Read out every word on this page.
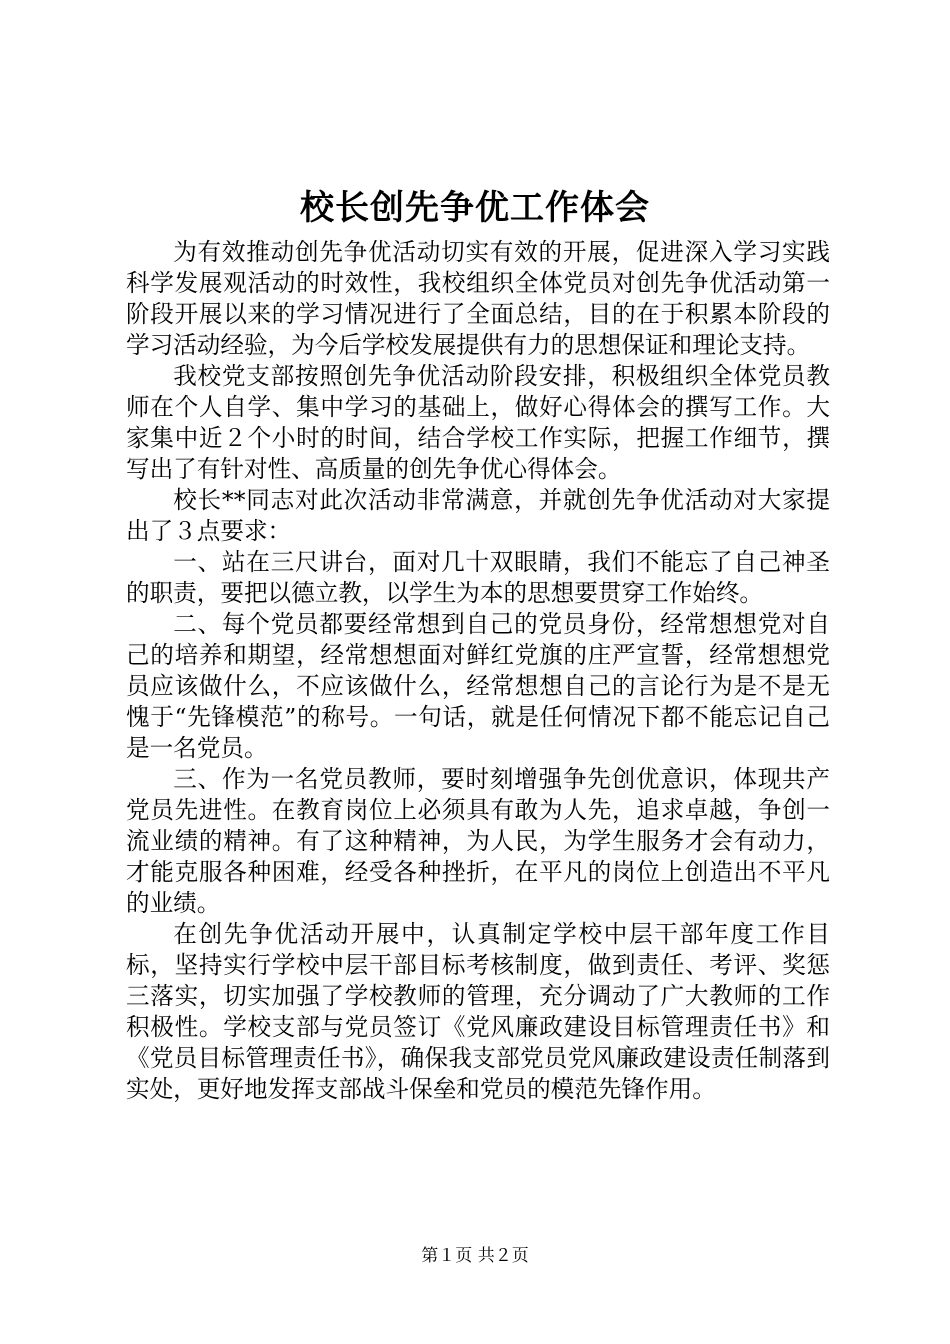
校长创先争优工作体会

为有效推动创先争优活动切实有效的开展，促进深入学习实践科学发展观活动的时效性，我校组织全体党员对创先争优活动第一阶段开展以来的学习情况进行了全面总结，目的在于积累本阶段的学习活动经验，为今后学校发展提供有力的思想保证和理论支持。

我校党支部按照创先争优活动阶段安排，积极组织全体党员教师在个人自学、集中学习的基础上，做好心得体会的撰写工作。大家集中近２个小时的时间，结合学校工作实际，把握工作细节，撰写出了有针对性、高质量的创先争优心得体会。

校长**同志对此次活动非常满意，并就创先争优活动对大家提出了３点要求：

一、站在三尺讲台，面对几十双眼睛，我们不能忘了自己神圣的职责，要把以德立教，以学生为本的思想要贯穿工作始终。

二、每个党员都要经常想到自己的党员身份，经常想想党对自己的培养和期望，经常想想面对鲜红党旗的庄严宣誓，经常想想党员应该做什么，不应该做什么，经常想想自己的言论行为是不是无愧于“先锋模范”的称号。一句话，就是任何情况下都不能忘记自己是一名党员。

三、作为一名党员教师，要时刻增强争先创优意识，体现共产党员先进性。在教育岗位上必须具有敢为人先，追求卓越，争创一流业绩的精神。有了这种精神，为人民，为学生服务才会有动力，才能克服各种困难，经受各种挫折，在平凡的岗位上创造出不平凡的业绩。

在创先争优活动开展中，认真制定学校中层干部年度工作目标，坚持实行学校中层干部目标考核制度，做到责任、考评、奖惩三落实，切实加强了学校教师的管理，充分调动了广大教师的工作积极性。学校支部与党员签订《党风廉政建设目标管理责任书》和《党员目标管理责任书》，确保我支部党员党风廉政建设责任制落到实处，更好地发挥支部战斗保垒和党员的模范先锋作用。

第１页 共２页
